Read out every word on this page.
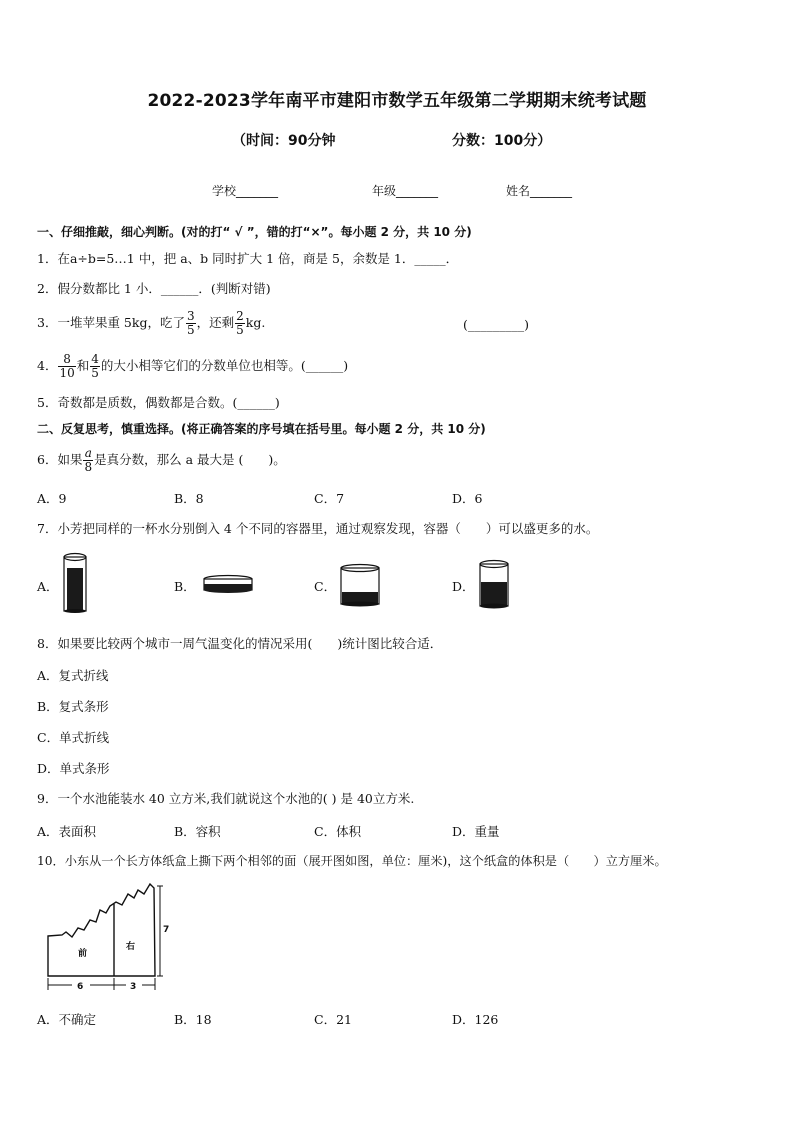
2022-2023学年南平市建阳市数学五年级第二学期期末统考试题
（时间：90分钟	分数：100分）
学校_______	年级_______	姓名_______
一、仔细推敲，细心判断。(对的打“ √ ”，错的打“×”。每小题 2 分，共 10 分)
1．在a÷b=5…1 中，把 a、b 同时扩大 1 倍，商是 5，余数是 1．_____．
2．假分数都比 1 小．______．(判断对错)
3．一堆苹果重 5kg，吃了 $\frac{3}{5}$ ，还剩 $\frac{2}{5}$ kg.	(_________)
4． $\frac{8}{10}$ 和 $\frac{4}{5}$ 的大小相等它们的分数单位也相等。(______)
5．奇数都是质数，偶数都是合数。(______)
二、反复思考，慎重选择。(将正确答案的序号填在括号里。每小题 2 分，共 10 分)
6．如果 $\frac{a}{8}$ 是真分数，那么 a 最大是 (　　)。
A．9	B．8	C．7	D．6
7．小芳把同样的一杯水分别倒入 4 个不同的容器里，通过观察发现，容器（　　）可以盛更多的水。
A．	B．	C．	D．
8．如果要比较两个城市一周气温变化的情况采用(　　)统计图比较合适．
A．复式折线
B．复式条形
C．单式折线
D．单式条形
9．一个水池能装水 40 立方米,我们就说这个水池的( ) 是 40立方米.
A．表面积	B．容积	C．体积	D．重量
10．小东从一个长方体纸盒上撕下两个相邻的面（展开图如图，单位：厘米)，这个纸盒的体积是（　　）立方厘米。
前
右
7
6	3
A．不确定	B．18	C．21	D．126
